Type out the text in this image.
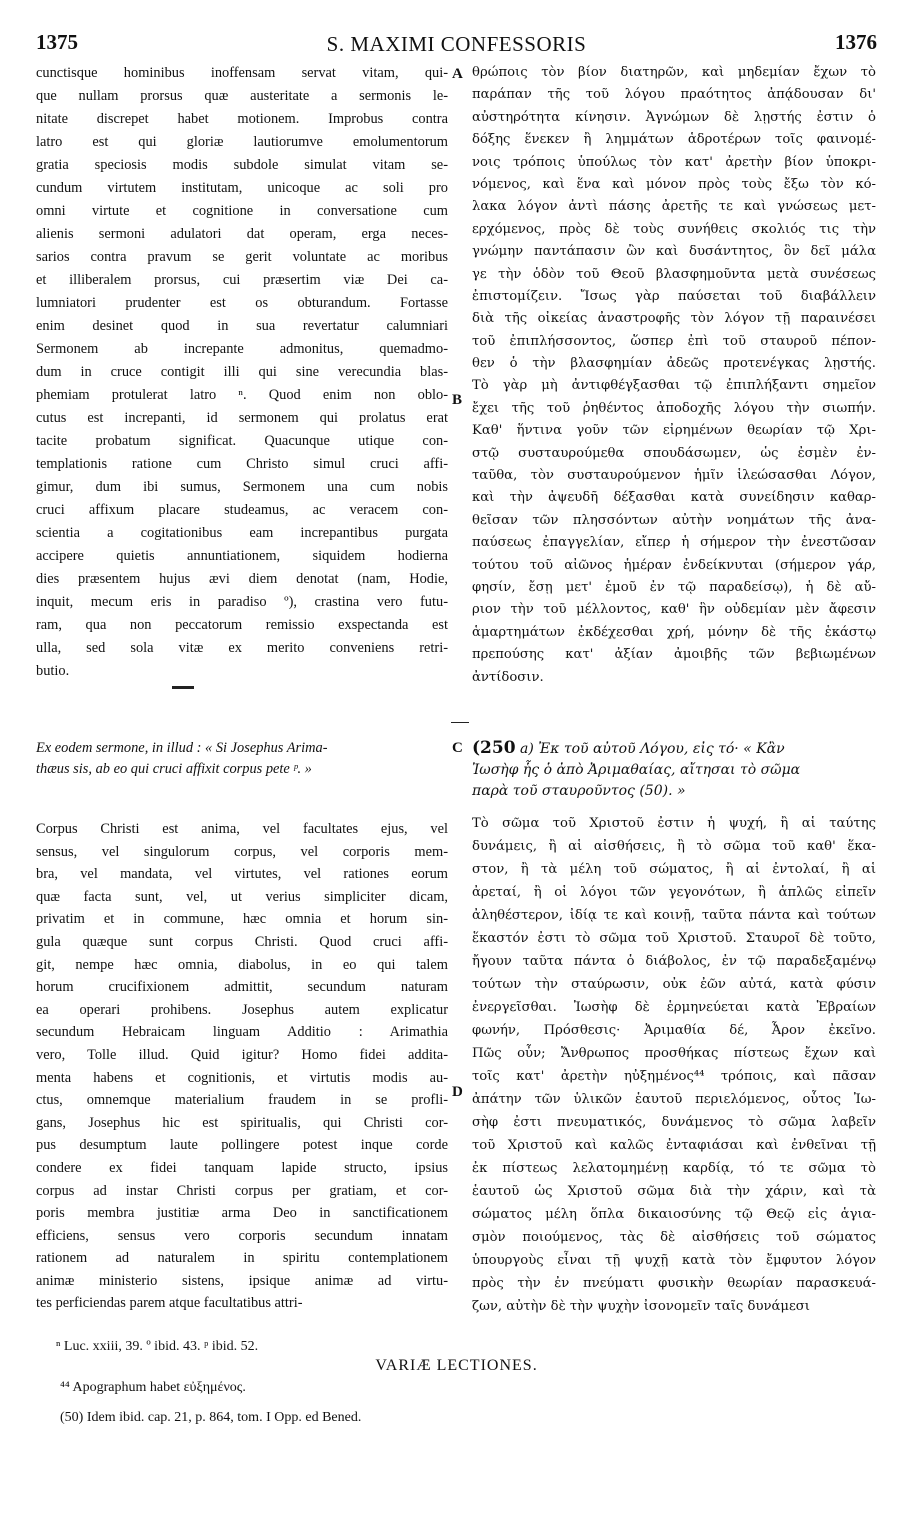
1375	S. MAXIMI CONFESSORIS	1376
cunctisque hominibus inoffensam servat vitam, qui-
que nullam prorsus quæ austeritate a sermonis le-
nitate discrepet habet motionem. Improbus contra
latro est qui gloriæ lautiorumve emolumentorum
gratia speciosis modis subdole simulat vitam se-
cundum virtutem institutam, unicoque ac soli pro
omni virtute et cognitione in conversatione cum
alienis sermoni adulatori dat operam, erga neces-
sarios contra pravum se gerit voluntate ac moribus
et illiberalem prorsus, cui præsertim viæ Dei ca-
lumniatori prudenter est os obturandum. Fortasse
enim desinet quod in sua revertatur calumniari
Sermonem ab increpante admonitus, quemadmo-
dum in cruce contigit illi qui sine verecundia blas-
phemiam protulerat latro ⁿ. Quod enim non oblo-
cutus est increpanti, id sermonem qui prolatus erat
tacite probatum significat. Quacunque utique con-
templationis ratione cum Christo simul cruci affi-
gimur, dum ibi sumus, Sermonem una cum nobis
cruci affixum placare studeamus, ac veracem con-
scientia a cogitationibus eam increpantibus purgata
accipere quietis annuntiationem, siquidem hodierna
dies præsentem hujus ævi diem denotat (nam, Hodie,
inquit, mecum eris in paradiso º), crastina vero futu-
ram, qua non peccatorum remissio exspectanda est
ulla, sed sola vitæ ex merito conveniens retri-
butio.
θρώποις τὸν βίον διατηρῶν, καὶ μηδεμίαν ἔχων τὸ
παράπαν τῆς τοῦ λόγου πραότητος ἀπᾴδουσαν δι'
αὐστηρότητα κίνησιν. Ἀγνώμων δὲ λῃστής ἐστιν ὁ
δόξης ἕνεκεν ἢ λημμάτων ἁδροτέρων τοῖς φαινομέ-
νοις τρόποις ὑπούλως τὸν κατ' ἀρετὴν βίον ὑποκρι-
νόμενος, καὶ ἕνα καὶ μόνον πρὸς τοὺς ἔξω τὸν κό-
λακα λόγον ἀντὶ πάσης ἀρετῆς τε καὶ γνώσεως μετ-
ερχόμενος, πρὸς δὲ τοὺς συνήθεις σκολιός τις τὴν
γνώμην παντάπασιν ὢν καὶ δυσάντητος, ὃν δεῖ μάλα
γε τὴν ὁδὸν τοῦ Θεοῦ βλασφημοῦντα μετὰ συνέσεως
ἐπιστομίζειν. Ἴσως γὰρ παύσεται τοῦ διαβάλλειν
διὰ τῆς οἰκείας ἀναστροφῆς τὸν λόγον τῇ παραινέσει
τοῦ ἐπιπλήσσοντος, ὥσπερ ἐπὶ τοῦ σταυροῦ πέπον-
θεν ὁ τὴν βλασφημίαν ἀδεῶς προτενέγκας λῃστής.
Τὸ γὰρ μὴ ἀντιφθέγξασθαι τῷ ἐπιπλήξαντι σημεῖον
ἔχει τῆς τοῦ ῥηθέντος ἀποδοχῆς λόγου τὴν σιωπήν.
Καθ' ἥντινα γοῦν τῶν εἰρημένων θεωρίαν τῷ Χρι-
στῷ συσταυρούμεθα σπουδάσωμεν, ὡς ἐσμὲν ἐν-
ταῦθα, τὸν συσταυρούμενον ἡμῖν ἱλεώσασθαι Λόγον,
καὶ τὴν ἀψευδῆ δέξασθαι κατὰ συνείδησιν καθαρ-
θεῖσαν τῶν πλησσόντων αὐτὴν νοημάτων τῆς ἀνα-
παύσεως ἐπαγγελίαν, εἴπερ ἡ σήμερον τὴν ἐνεστῶσαν
τούτου τοῦ αἰῶνος ἡμέραν ἐνδείκνυται (σήμερον γάρ,
φησίν, ἔσῃ μετ' ἐμοῦ ἐν τῷ παραδείσῳ), ἡ δὲ αὔ-
ριον τὴν τοῦ μέλλοντος, καθ' ἣν οὐδεμίαν μὲν ἄφεσιν
ἁμαρτημάτων ἐκδέχεσθαι χρή, μόνην δὲ τῆς ἑκάστῳ
πρεπούσης κατ' ἀξίαν ἀμοιβῆς τῶν βεβιωμένων
ἀντίδοσιν.
A
B
C
D
Ex eodem sermone, in illud : « Si Josephus Arima-
thæus sis, ab eo qui cruci affixit corpus pete ᵖ. »
(250 a) Ἐκ τοῦ αὐτοῦ Λόγου, εἰς τό· « Κἂν
Ἰωσὴφ ἧς ὁ ἀπὸ Ἀριμαθαίας, αἴτησαι τὸ σῶμα
παρὰ τοῦ σταυροῦντος (50). »
Corpus Christi est anima, vel facultates ejus, vel
sensus, vel singulorum corpus, vel corporis mem-
bra, vel mandata, vel virtutes, vel rationes eorum
quæ facta sunt, vel, ut verius simpliciter dicam,
privatim et in commune, hæc omnia et horum sin-
gula quæque sunt corpus Christi. Quod cruci affi-
git, nempe hæc omnia, diabolus, in eo qui talem
horum crucifixionem admittit, secundum naturam
ea operari prohibens. Josephus autem explicatur
secundum Hebraicam linguam Additio : Arimathia
vero, Tolle illud. Quid igitur? Homo fidei addita-
menta habens et cognitionis, et virtutis modis au-
ctus, omnemque materialium fraudem in se profli-
gans, Josephus hic est spiritualis, qui Christi cor-
pus desumptum laute pollingere potest inque corde
condere ex fidei tanquam lapide structo, ipsius
corpus ad instar Christi corpus per gratiam, et cor-
poris membra justitiæ arma Deo in sanctificationem
efficiens, sensus vero corporis secundum innatam
rationem ad naturalem in spiritu contemplationem
animæ ministerio sistens, ipsique animæ ad virtu-
tes perficiendas parem atque facultatibus attri-
Τὸ σῶμα τοῦ Χριστοῦ ἐστιν ἡ ψυχή, ἢ αἱ ταύτης
δυνάμεις, ἢ αἱ αἰσθήσεις, ἢ τὸ σῶμα τοῦ καθ' ἕκα-
στον, ἢ τὰ μέλη τοῦ σώματος, ἢ αἱ ἐντολαί, ἢ αἱ
ἀρεταί, ἢ οἱ λόγοι τῶν γεγονότων, ἢ ἁπλῶς εἰπεῖν
ἀληθέστερον, ἰδίᾳ τε καὶ κοινῇ, ταῦτα πάντα καὶ τούτων
ἕκαστόν ἐστι τὸ σῶμα τοῦ Χριστοῦ. Σταυροῖ δὲ τοῦτο,
ἤγουν ταῦτα πάντα ὁ διάβολος, ἐν τῷ παραδεξαμένῳ
τούτων τὴν σταύρωσιν, οὐκ ἐῶν αὐτά, κατὰ φύσιν
ἐνεργεῖσθαι. Ἰωσὴφ δὲ ἑρμηνεύεται κατὰ Ἑβραίων
φωνήν, Πρόσθεσις· Ἀριμαθία δέ, Ἆρον ἐκεῖνο.
Πῶς οὖν; Ἄνθρωπος προσθήκας πίστεως ἔχων καὶ
τοῖς κατ' ἀρετὴν ηὐξημένος⁴⁴ τρόποις, καὶ πᾶσαν
ἀπάτην τῶν ὑλικῶν ἑαυτοῦ περιελόμενος, οὗτος Ἰω-
σὴφ ἐστι πνευματικός, δυνάμενος τὸ σῶμα λαβεῖν
τοῦ Χριστοῦ καὶ καλῶς ἐνταφιάσαι καὶ ἐνθεῖναι τῇ
ἐκ πίστεως λελατομημένῃ καρδίᾳ, τό τε σῶμα τὸ
ἑαυτοῦ ὡς Χριστοῦ σῶμα διὰ τὴν χάριν, καὶ τὰ
σώματος μέλη ὅπλα δικαιοσύνης τῷ Θεῷ εἰς ἁγια-
σμὸν ποιούμενος, τὰς δὲ αἰσθήσεις τοῦ σώματος
ὑπουργοὺς εἶναι τῇ ψυχῇ κατὰ τὸν ἔμφυτον λόγον
πρὸς τὴν ἐν πνεύματι φυσικὴν θεωρίαν παρασκευά-
ζων, αὐτὴν δὲ τὴν ψυχὴν ἰσονομεῖν ταῖς δυνάμεσι
ⁿ Luc. xxiii, 39. º ibid. 43. ᵖ ibid. 52.
VARIÆ LECTIONES.
⁴⁴ Apographum habet εὐξημένος.
(50) Idem ibid. cap. 21, p. 864, tom. I Opp. ed Bened.
